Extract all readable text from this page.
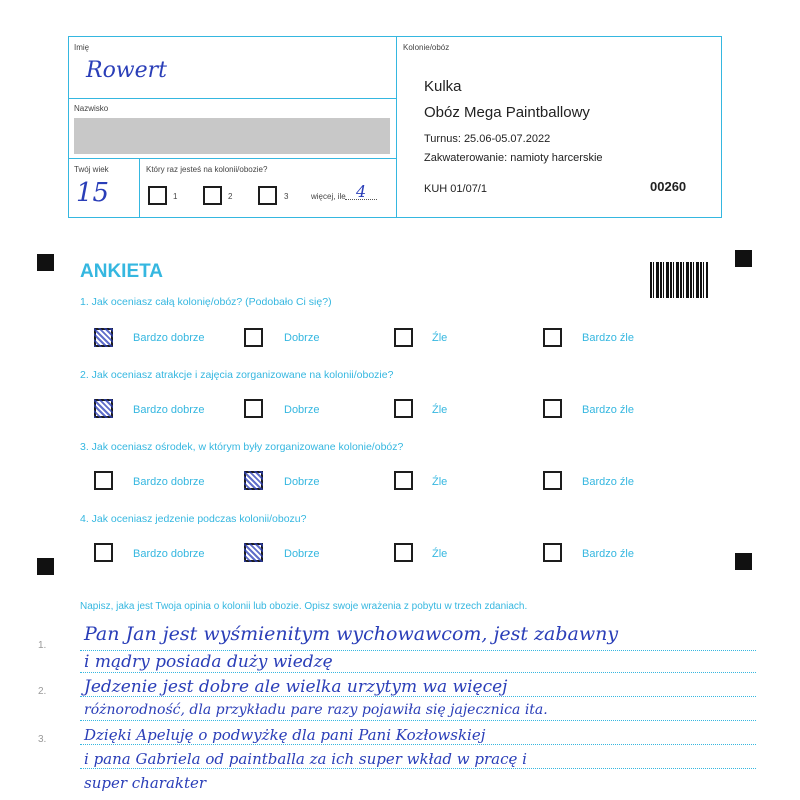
Imię
Rowert
Nazwisko
Twój wiek
15
Który raz jesteś na kolonii/obozie?
1	2	3	więcej, ile 4
Kolonie/obóz
Kulka
Obóz Mega Paintballowy
Turnus: 25.06-05.07.2022
Zakwaterowanie: namioty harcerskie
KUH 01/07/1	00260
ANKIETA
1. Jak oceniasz całą kolonię/obóz? (Podobało Ci się?)
Bardzo dobrze	Dobrze	Źle	Bardzo źle
2. Jak oceniasz atrakcje i zajęcia zorganizowane na kolonii/obozie?
Bardzo dobrze	Dobrze	Źle	Bardzo źle
3. Jak oceniasz ośrodek, w którym były zorganizowane kolonie/obóz?
Bardzo dobrze	Dobrze	Źle	Bardzo źle
4. Jak oceniasz jedzenie podczas kolonii/obozu?
Bardzo dobrze	Dobrze	Źle	Bardzo źle
Napisz, jaka jest Twoja opinia o kolonii lub obozie. Opisz swoje wrażenia z pobytu w trzech zdaniach.
1.
2.
3.
Pan Jan jest wyśmienitym wychowawcom, jest zabawny
i mądry posiada duży wiedzę
Jedzenie jest dobre ale wielka urzytym wa więcej
różnorodność, dla przykładu pare razy pojawiła się jajecznica ita.
Dzięki Apeluję o podwyżkę dla pani Pani Kozłowskiej
i pana Gabriela od paintballa za ich super wkład w pracę i
super charakter
